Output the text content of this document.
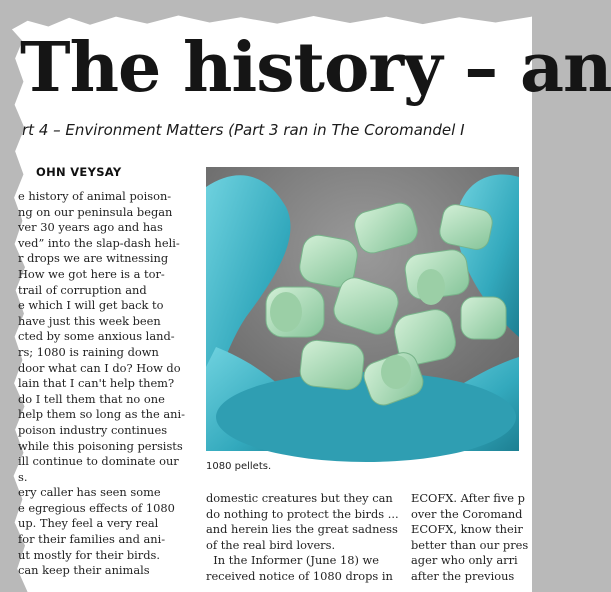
The history – an
rt 4 – Environment Matters (Part 3 ran in The Coromandel I
OHN VEYSAY
e history of animal poison-
ng on our peninsula began
ver 30 years ago and has
ved” into the slap-dash heli-
r drops we are witnessing
How we got here is a tor-
trail of corruption and
e which I will get back to
have just this week been
cted by some anxious land-
rs; 1080 is raining down
door what can I do? How do
lain that I can't help them?
do I tell them that no one
help them so long as the ani-
poison industry continues
while this poisoning persists
ill continue to dominate our
s.
ery caller has seen some
e egregious effects of 1080
up. They feel a very real
for their families and ani-
ut mostly for their birds.
can keep their animals
1080 pellets.
domestic creatures but they can
do nothing to protect the birds ...
and herein lies the great sadness
of the real bird lovers.
In the Informer (June 18) we
received notice of 1080 drops in
ECOFX. After five p
over the Coromand
ECOFX, know their
better than our pres
ager who only arri
after the previous
